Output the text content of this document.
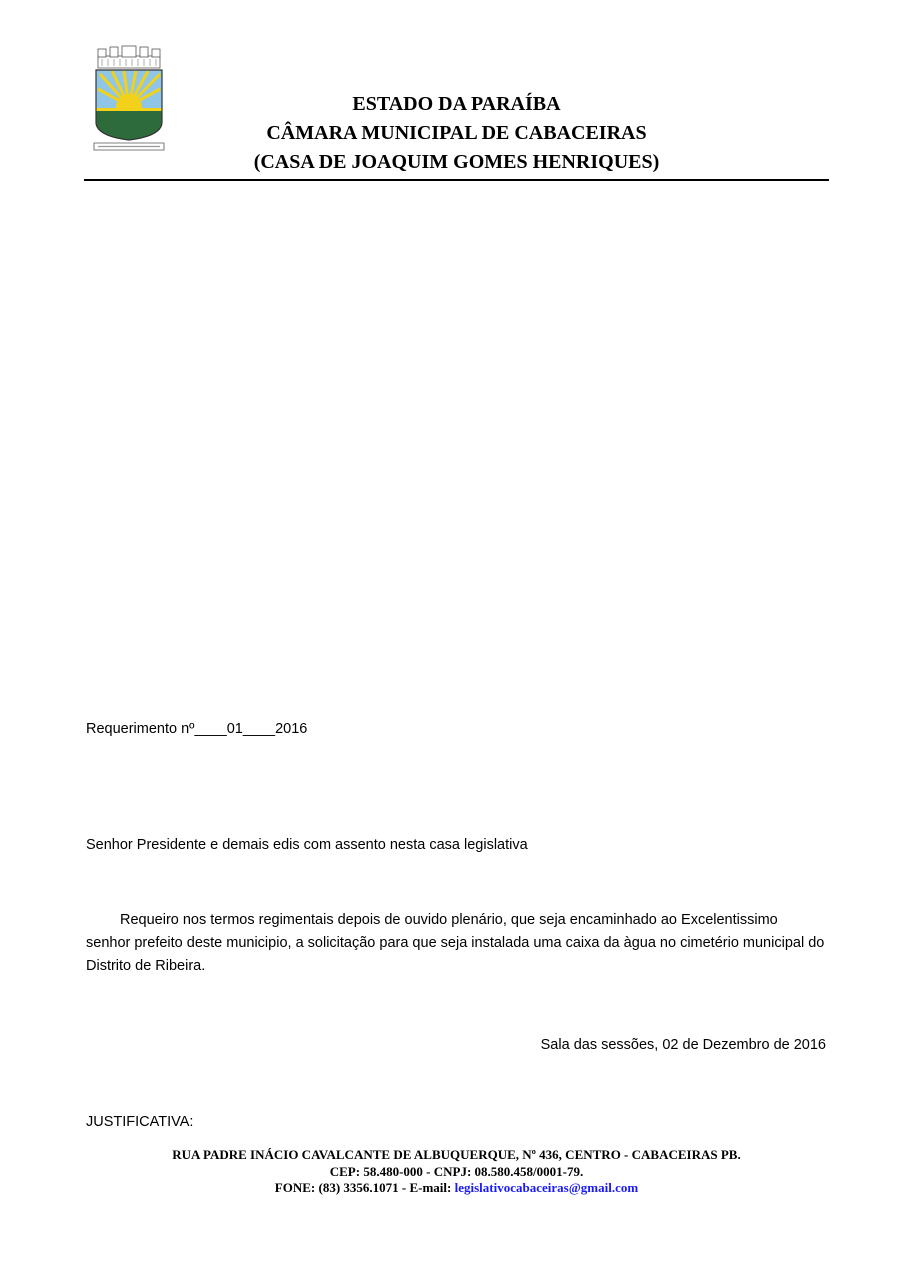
ESTADO DA PARAÍBA
CÂMARA MUNICIPAL DE CABACEIRAS
(CASA DE JOAQUIM GOMES HENRIQUES)
Requerimento nº____01____2016
Senhor Presidente e demais edis com assento nesta casa legislativa

Requeiro nos termos regimentais depois de ouvido plenário, que seja encaminhado ao Excelentissimo senhor prefeito deste municipio, a solicitação para que seja instalada uma caixa da àgua no cimetério municipal do Distrito de Ribeira.

Sala das sessões, 02 de Dezembro de 2016
JUSTIFICATIVA:
RUA PADRE INÁCIO CAVALCANTE DE ALBUQUERQUE, Nº 436, CENTRO - CABACEIRAS PB.
CEP: 58.480-000 - CNPJ: 08.580.458/0001-79.
FONE: (83) 3356.1071 - E-mail: legislativocabaceiras@gmail.com
